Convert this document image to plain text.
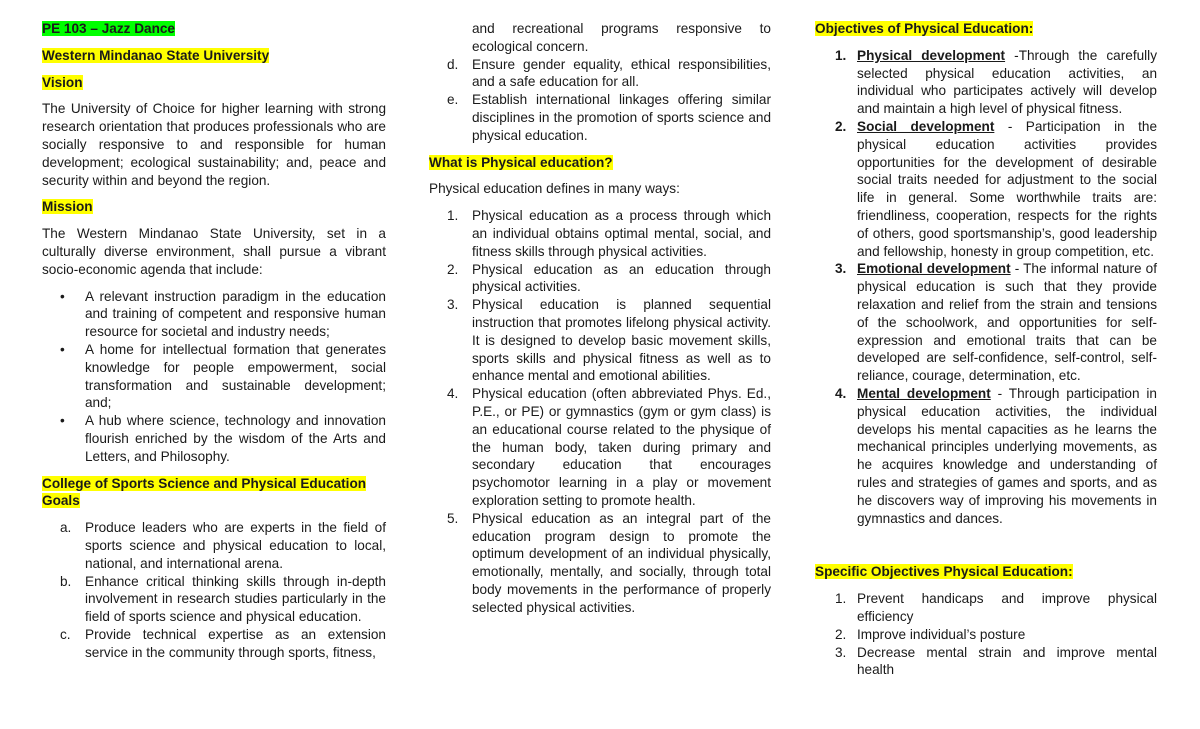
PE 103 – Jazz Dance

Western Mindanao State University

Vision

The University of Choice for higher learning with strong research orientation that produces professionals who are socially responsive to and responsible for human development; ecological sustainability; and, peace and security within and beyond the region.

Mission

The Western Mindanao State University, set in a culturally diverse environment, shall pursue a vibrant socio-economic agenda that include:

• A relevant instruction paradigm in the education and training of competent and responsive human resource for societal and industry needs;
• A home for intellectual formation that generates knowledge for people empowerment, social transformation and sustainable development; and;
• A hub where science, technology and innovation flourish enriched by the wisdom of the Arts and Letters, and Philosophy.

College of Sports Science and Physical Education Goals

a.	Produce leaders who are experts in the field of sports science and physical education to local, national, and international arena.
b.	Enhance critical thinking skills through in-depth involvement in research studies particularly in the field of sports science and physical education.
c.	Provide technical expertise as an extension service in the community through sports, fitness,
and recreational programs responsive to ecological concern.
d.	Ensure gender equality, ethical responsibilities, and a safe education for all.
e.	Establish international linkages offering similar disciplines in the promotion of sports science and physical education.

What is Physical education?

Physical education defines in many ways:

1.	Physical education as a process through which an individual obtains optimal mental, social, and fitness skills through physical activities.
2.	Physical education as an education through physical activities.
3.	Physical education is planned sequential instruction that promotes lifelong physical activity. It is designed to develop basic movement skills, sports skills and physical fitness as well as to enhance mental and emotional abilities.
4.	Physical education (often abbreviated Phys. Ed., P.E., or PE) or gymnastics (gym or gym class) is an educational course related to the physique of the human body, taken during primary and secondary education that encourages psychomotor learning in a play or movement exploration setting to promote health.
5.	Physical education as an integral part of the education program design to promote the optimum development of an individual physically, emotionally, mentally, and socially, through total body movements in the performance of properly selected physical activities.

Objectives of Physical Education:

1. Physical development -Through the carefully selected physical education activities, an individual who participates actively will develop and maintain a high level of physical fitness.
2. Social development - Participation in the physical education activities provides opportunities for the development of desirable social traits needed for adjustment to the social life in general. Some worthwhile traits are: friendliness, cooperation, respects for the rights of others, good sportsmanship’s, good leadership and fellowship, honesty in group competition, etc.
3. Emotional development - The informal nature of physical education is such that they provide relaxation and relief from the strain and tensions of the schoolwork, and opportunities for self-expression and emotional traits that can be developed are self-confidence, self-control, self-reliance, courage, determination, etc.
4. Mental development - Through participation in physical education activities, the individual develops his mental capacities as he learns the mechanical principles underlying movements, as he acquires knowledge and understanding of rules and strategies of games and sports, and as he discovers way of improving his movements in gymnastics and dances.

Specific Objectives Physical Education:

1. Prevent handicaps and improve physical efficiency
2. Improve individual’s posture
3. Decrease mental strain and improve mental health
